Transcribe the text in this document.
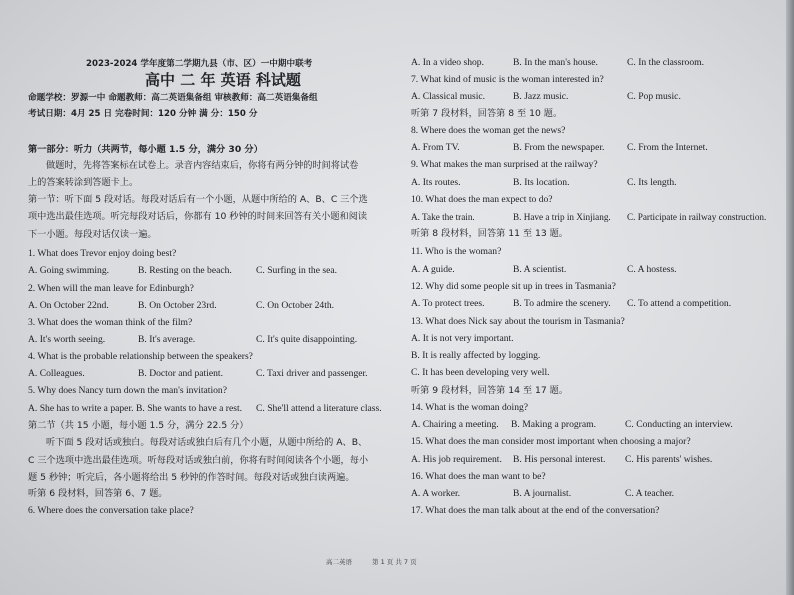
2023-2024 学年度第二学期九县（市、区）一中期中联考
高中 二 年 英语 科试题
命题学校：罗源一中 命题教师：高二英语集备组 审核教师：高二英语集备组
考试日期：4月 25 日 完卷时间：120 分钟 满 分：150 分
第一部分：听力（共两节，每小题 1.5 分，满分 30 分）
做题时，先将答案标在试卷上。录音内容结束后，你将有两分钟的时间将试卷
上的答案转涂到答题卡上。
第一节：听下面 5 段对话。每段对话后有一个小题，从题中所给的 A、B、C 三个选
项中选出最佳选项。听完每段对话后，你都有 10 秒钟的时间来回答有关小题和阅读
下一小题。每段对话仅读一遍。
1. What does Trevor enjoy doing best?
A. Going swimming.	B. Resting on the beach.	C. Surfing in the sea.
2. When will the man leave for Edinburgh?
A. On October 22nd.	B. On October 23rd.	C. On October 24th.
3. What does the woman think of the film?
A. It's worth seeing.	B. It's average.	C. It's quite disappointing.
4. What is the probable relationship between the speakers?
A. Colleagues.	B. Doctor and patient.	C. Taxi driver and passenger.
5. Why does Nancy turn down the man's invitation?
A. She has to write a paper. B. She wants to have a rest. C. She'll attend a literature class.
第二节（共 15 小题，每小题 1.5 分，满分 22.5 分）
听下面 5 段对话或独白。每段对话或独白后有几个小题，从题中所给的 A、B、
C 三个选项中选出最佳选项。听每段对话或独白前，你将有时间阅读各个小题，每小
题 5 秒钟；听完后，各小题将给出 5 秒钟的作答时间。每段对话或独白读两遍。
听第 6 段材料，回答第 6、7 题。
6. Where does the conversation take place?
A. In a video shop.	B. In the man's house.	C. In the classroom.
7. What kind of music is the woman interested in?
A. Classical music.	B. Jazz music.	C. Pop music.
听第 7 段材料，回答第 8 至 10 题。
8. Where does the woman get the news?
A. From TV.	B. From the newspaper. C. From the Internet.
9. What makes the man surprised at the railway?
A. Its routes.	B. Its location.	C. Its length.
10. What does the man expect to do?
A. Take the train.	B. Have a trip in Xinjiang. C. Participate in railway construction.
听第 8 段材料，回答第 11 至 13 题。
11. Who is the woman?
A. A guide.	B. A scientist.	C. A hostess.
12. Why did some people sit up in trees in Tasmania?
A. To protect trees.	B. To admire the scenery. C. To attend a competition.
13. What does Nick say about the tourism in Tasmania?
A. It is not very important.
B. It is really affected by logging.
C. It has been developing very well.
听第 9 段材料，回答第 14 至 17 题。
14. What is the woman doing?
A. Chairing a meeting. B. Making a program.	C. Conducting an interview.
15. What does the man consider most important when choosing a major?
A. His job requirement. B. His personal interest. C. His parents' wishes.
16. What does the man want to be?
A. A worker.	B. A journalist.	C. A teacher.
17. What does the man talk about at the end of the conversation?
高二英语	第 1 页 共 7 页
